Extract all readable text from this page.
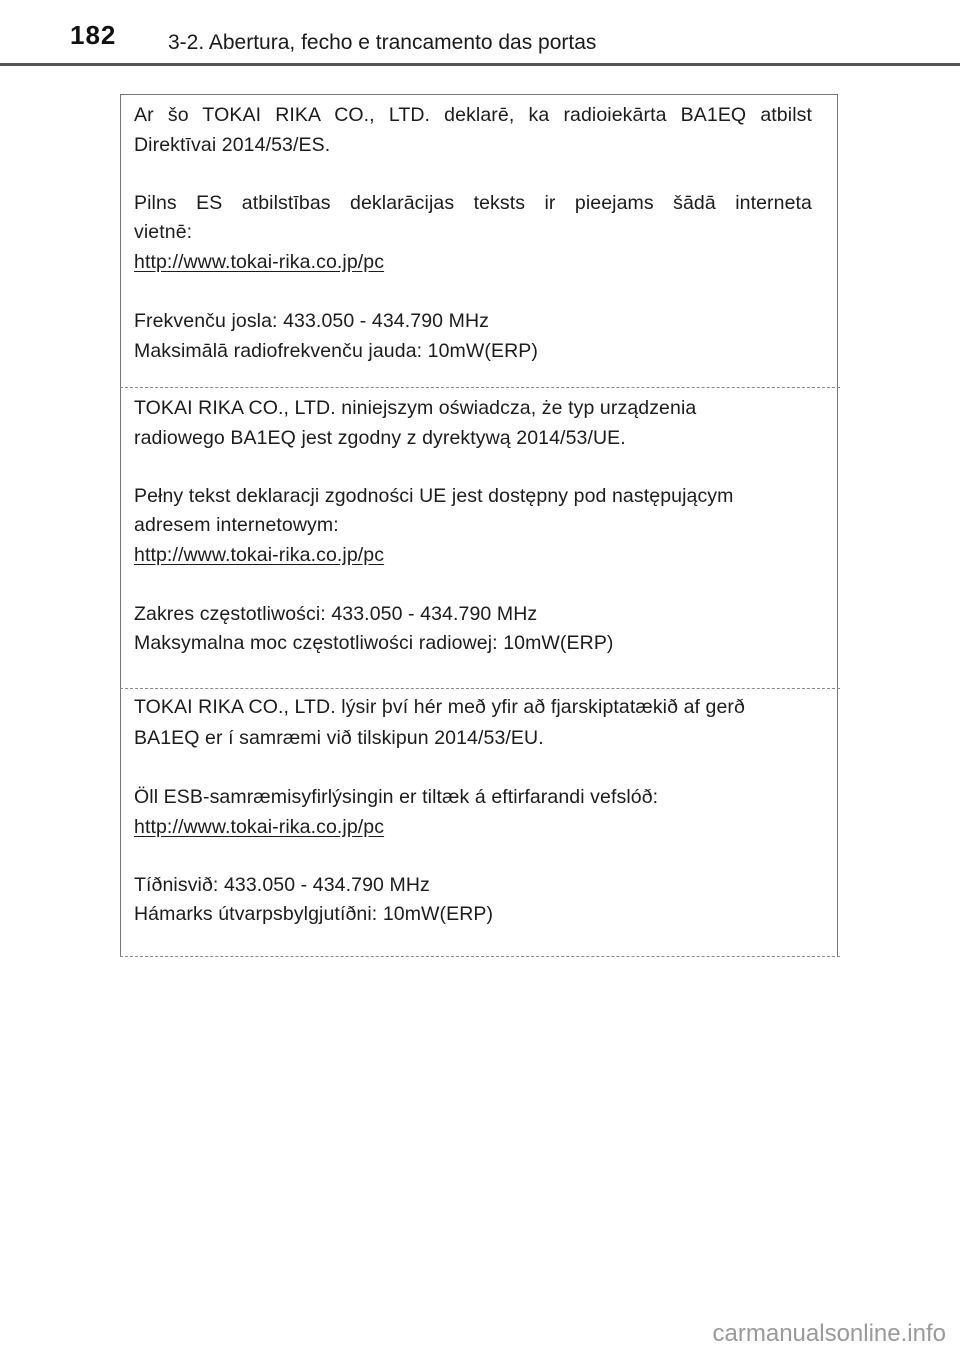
182 3-2. Abertura, fecho e trancamento das portas
Ar šo TOKAI RIKA CO., LTD. deklarē, ka radioiekārta BA1EQ atbilst
Direktīvai 2014/53/ES.
Pilns ES atbilstības deklarācijas teksts ir pieejams šādā interneta
vietnē:
http://www.tokai-rika.co.jp/pc
Frekvenču josla: 433.050 - 434.790 MHz
Maksimālā radiofrekvenču jauda: 10mW(ERP)
TOKAI RIKA CO., LTD. niniejszym oświadcza, że typ urządzenia
radiowego BA1EQ jest zgodny z dyrektywą 2014/53/UE.
Pełny tekst deklaracji zgodności UE jest dostępny pod następującym
adresem internetowym:
http://www.tokai-rika.co.jp/pc
Zakres częstotliwości: 433.050 - 434.790 MHz
Maksymalna moc częstotliwości radiowej: 10mW(ERP)
TOKAI RIKA CO., LTD. lýsir því hér með yfir að fjarskiptatækið af gerð
BA1EQ er í samræmi við tilskipun 2014/53/EU.
Öll ESB-samræmisyfirlýsingin er tiltæk á eftirfarandi vefslóð:
http://www.tokai-rika.co.jp/pc
Tíðnisvið: 433.050 - 434.790 MHz
Hámarks útvarpsbylgjutíðni: 10mW(ERP)
carmanualsonline.info
